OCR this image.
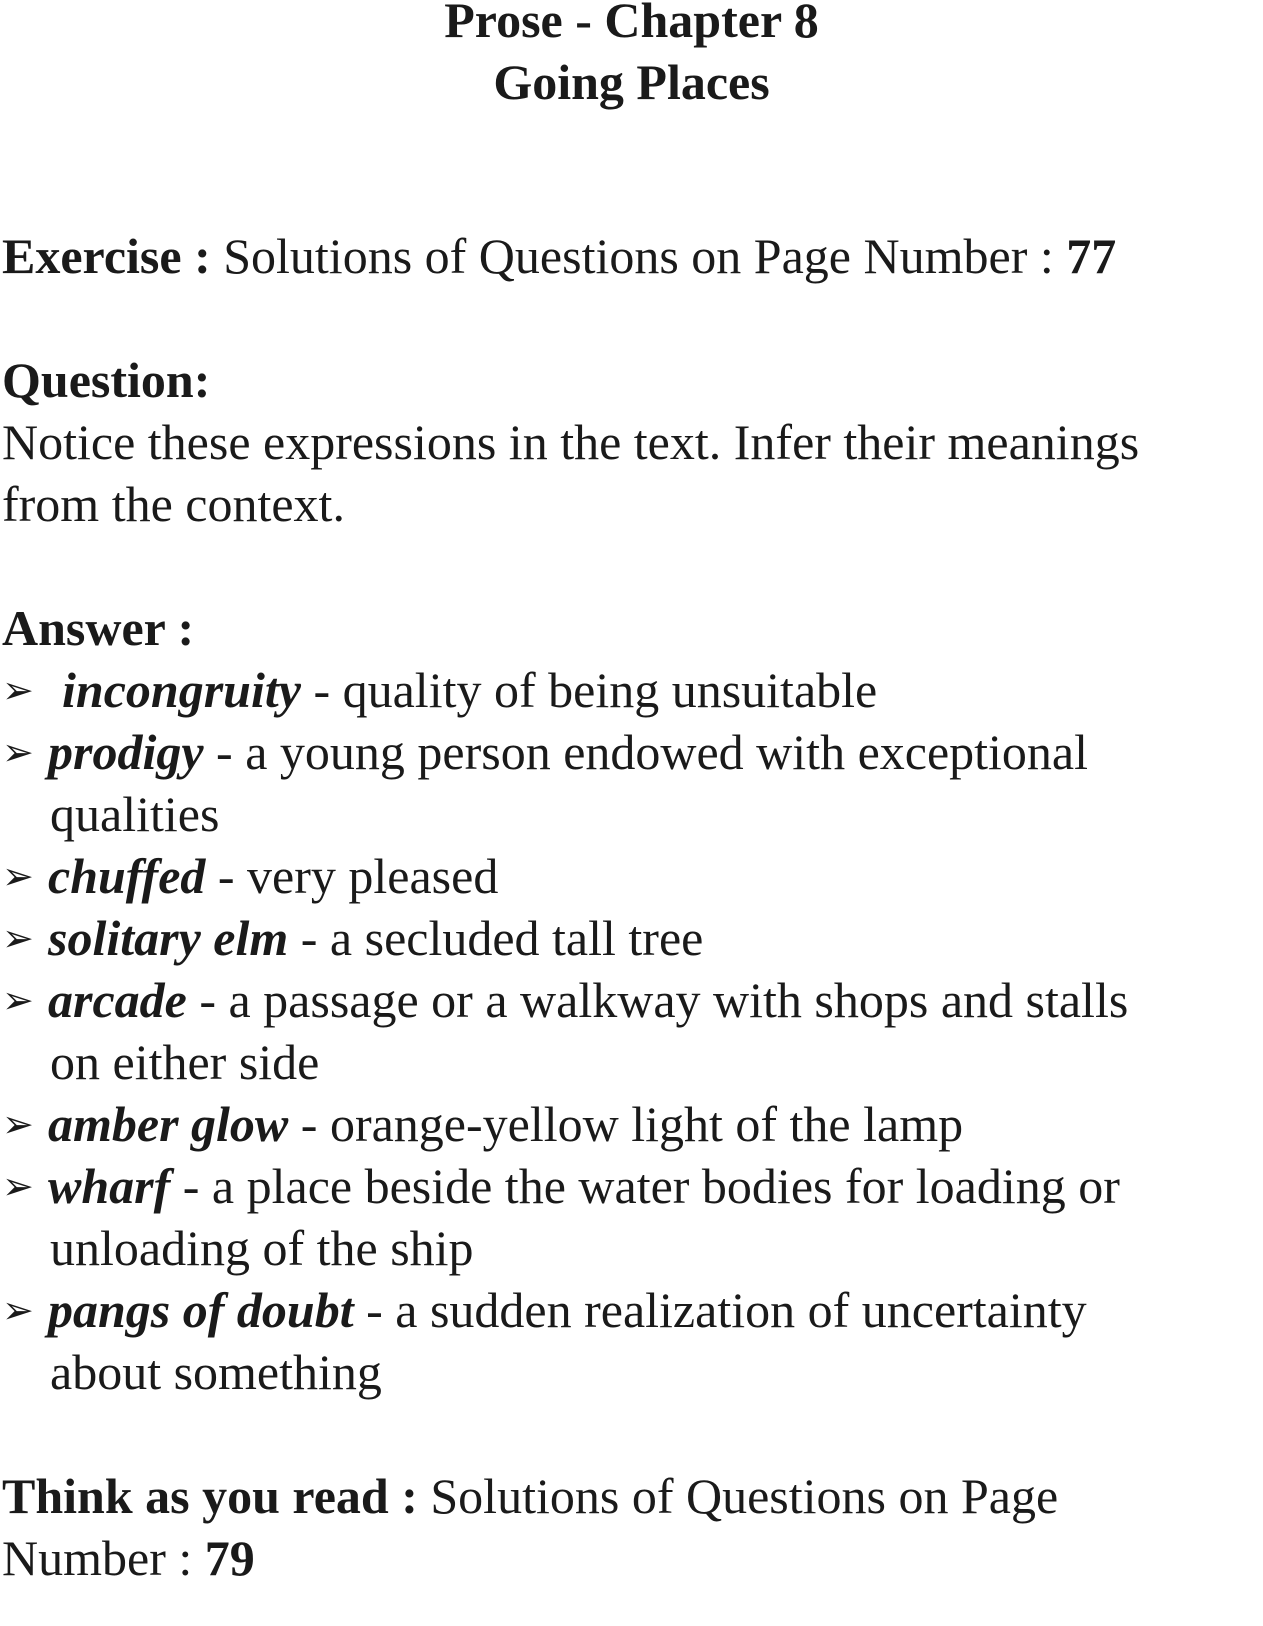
Prose - Chapter 8
Going Places
Exercise : Solutions of Questions on Page Number : 77
Question:
Notice these expressions in the text. Infer their meanings
from the context.
Answer :
➢ incongruity - quality of being unsuitable
➢ prodigy - a young person endowed with exceptional
qualities
➢ chuffed - very pleased
➢ solitary elm - a secluded tall tree
➢ arcade - a passage or a walkway with shops and stalls
on either side
➢ amber glow - orange-yellow light of the lamp
➢ wharf - a place beside the water bodies for loading or
unloading of the ship
➢ pangs of doubt - a sudden realization of uncertainty
about something
Think as you read : Solutions of Questions on Page
Number : 79
